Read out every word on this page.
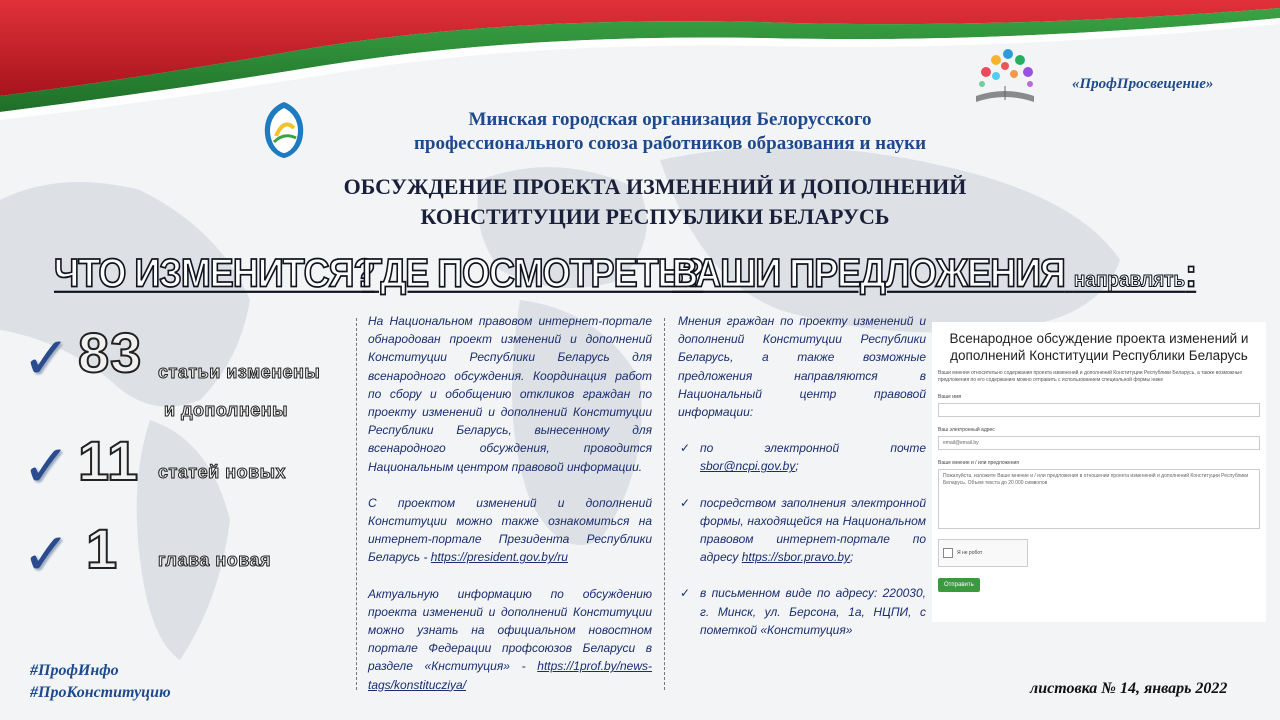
«ПрофПросвещение»
Минская городская организация Белорусского
профессионального союза работников образования и науки
ОБСУЖДЕНИЕ ПРОЕКТА ИЗМЕНЕНИЙ И ДОПОЛНЕНИЙ
КОНСТИТУЦИИ РЕСПУБЛИКИ БЕЛАРУСЬ
ЧТО ИЗМЕНИТСЯ?
ГДЕ ПОСМОТРЕТЬ?
ВАШИ ПРЕДЛОЖЕНИЯ направлять:
✓ 83 статьи изменены
и дополнены
✓ 11 статей новых
✓ 1 глава новая

На Национальном правовом интернет-портале обнародован проект изменений и дополнений Конституции Республики Беларусь для всенародного обсуждения. Координация работ по сбору и обобщению откликов граждан по проекту изменений и дополнений Конституции Республики Беларусь, вынесенному для всенародного обсуждения, проводится Национальным центром правовой информации.

С проектом изменений и дополнений Конституции можно также ознакомиться на интернет-портале Президента Республики Беларусь - https://president.gov.by/ru

Актуальную информацию по обсуждению проекта изменений и дополнений Конституции можно узнать на официальном новостном портале Федерации профсоюзов Беларуси в разделе «Кнституция» - https://1prof.by/news-tags/konstituczіya/

Мнения граждан по проекту изменений и дополнений Конституции Республики Беларусь, а также возможные предложения направляются в Национальный центр правовой информации:

✓ по электронной почте sbor@ncpi.gov.by;
✓ посредством заполнения электронной формы, находящейся на Национальном правовом интернет-портале по адресу https://sbor.pravo.by;
✓ в письменном виде по адресу: 220030, г. Минск, ул. Берсона, 1а, НЦПИ, с пометкой «Конституция»
Всенародное обсуждение проекта изменений и дополнений Конституции Республики Беларусь
Ваши мнения относительно содержания проекта изменений и дополнений Конституции Республики Беларусь, а также возможные предложения по его содержанию можно отправить с использованием специальной формы ниже
Ваше имя
Ваш электронный адрес
email@email.by
Ваше мнение и / или предложения
Пожалуйста, изложите Ваше мнение и / или предложения в отношении проекта изменений и дополнений Конституции Республики Беларусь. Объем текста до 20 000 символов
Я не робот
Отправить
#ПрофИнфо
#ПроКонституцию	листовка № 14, январь 2022
